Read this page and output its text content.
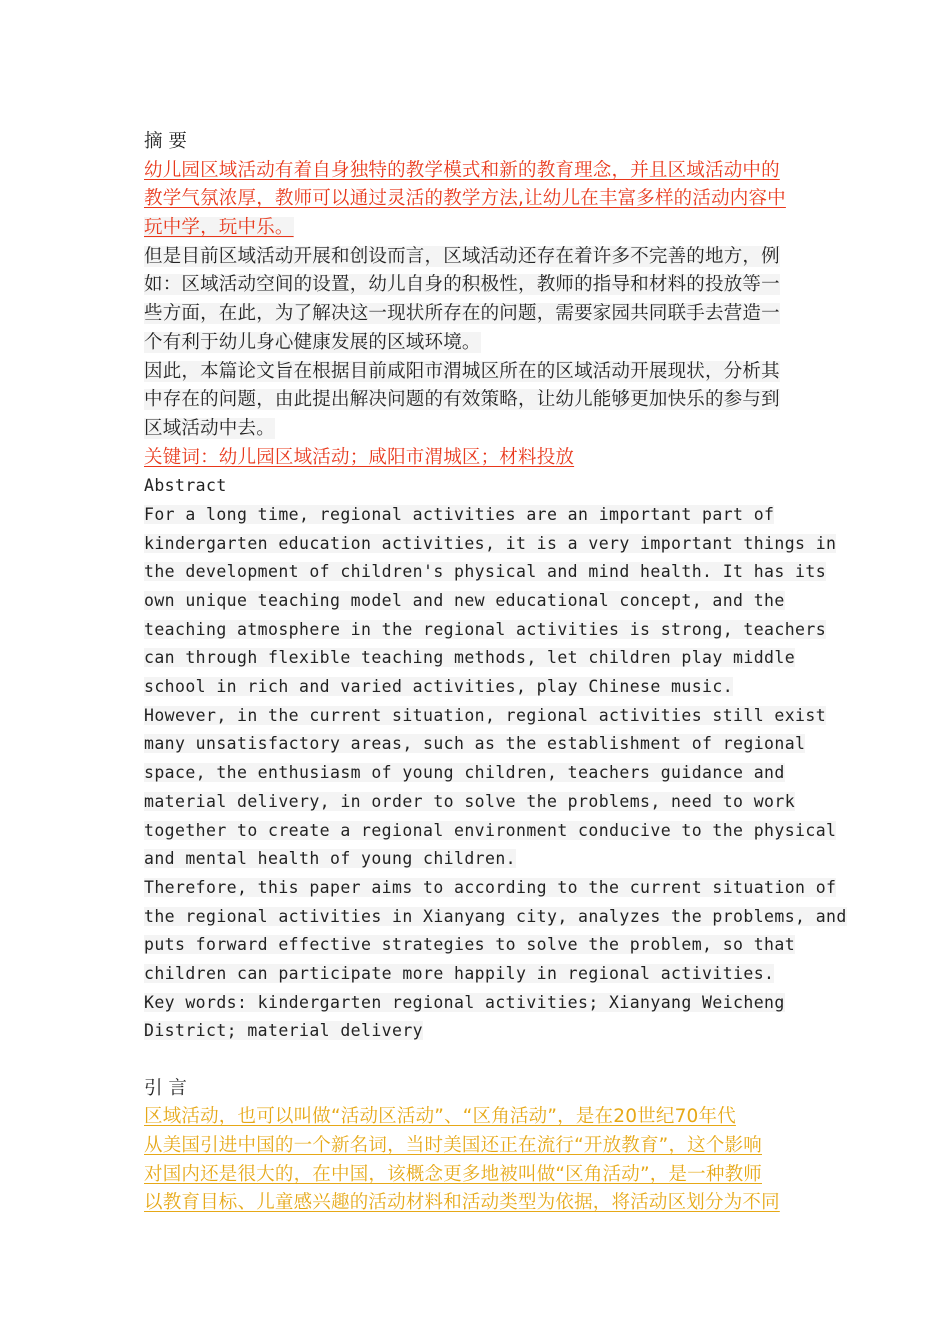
摘 要
幼儿园区域活动有着自身独特的教学模式和新的教育理念，并且区域活动中的
教学气氛浓厚，教师可以通过灵活的教学方法,让幼儿在丰富多样的活动内容中
玩中学，玩中乐。
但是目前区域活动开展和创设而言，区域活动还存在着许多不完善的地方，例
如：区域活动空间的设置，幼儿自身的积极性，教师的指导和材料的投放等一
些方面，在此，为了解决这一现状所存在的问题，需要家园共同联手去营造一
个有利于幼儿身心健康发展的区域环境。
因此，本篇论文旨在根据目前咸阳市渭城区所在的区域活动开展现状，分析其
中存在的问题，由此提出解决问题的有效策略，让幼儿能够更加快乐的参与到
区域活动中去。
关键词：幼儿园区域活动；咸阳市渭城区；材料投放
Abstract
For a long time, regional activities are an important part of
kindergarten education activities, it is a very important things in
the development of children's physical and mind health. It has its
own unique teaching model and new educational concept, and the
teaching atmosphere in the regional activities is strong, teachers
can through flexible teaching methods, let children play middle
school in rich and varied activities, play Chinese music.
However, in the current situation, regional activities still exist
many unsatisfactory areas, such as the establishment of regional
space, the enthusiasm of young children, teachers guidance and
material delivery, in order to solve the problems, need to work
together to create a regional environment conducive to the physical
and mental health of young children.
Therefore, this paper aims to according to the current situation of
the regional activities in Xianyang city, analyzes the problems, and
puts forward effective strategies to solve the problem, so that
children can participate more happily in regional activities.
Key words: kindergarten regional activities; Xianyang Weicheng
District; material delivery
引 言
区域活动，也可以叫做“活动区活动”、“区角活动”，是在20世纪70年代
从美国引进中国的一个新名词，当时美国还正在流行“开放教育”，这个影响
对国内还是很大的，在中国，该概念更多地被叫做“区角活动”，是一种教师
以教育目标、儿童感兴趣的活动材料和活动类型为依据，将活动区划分为不同
